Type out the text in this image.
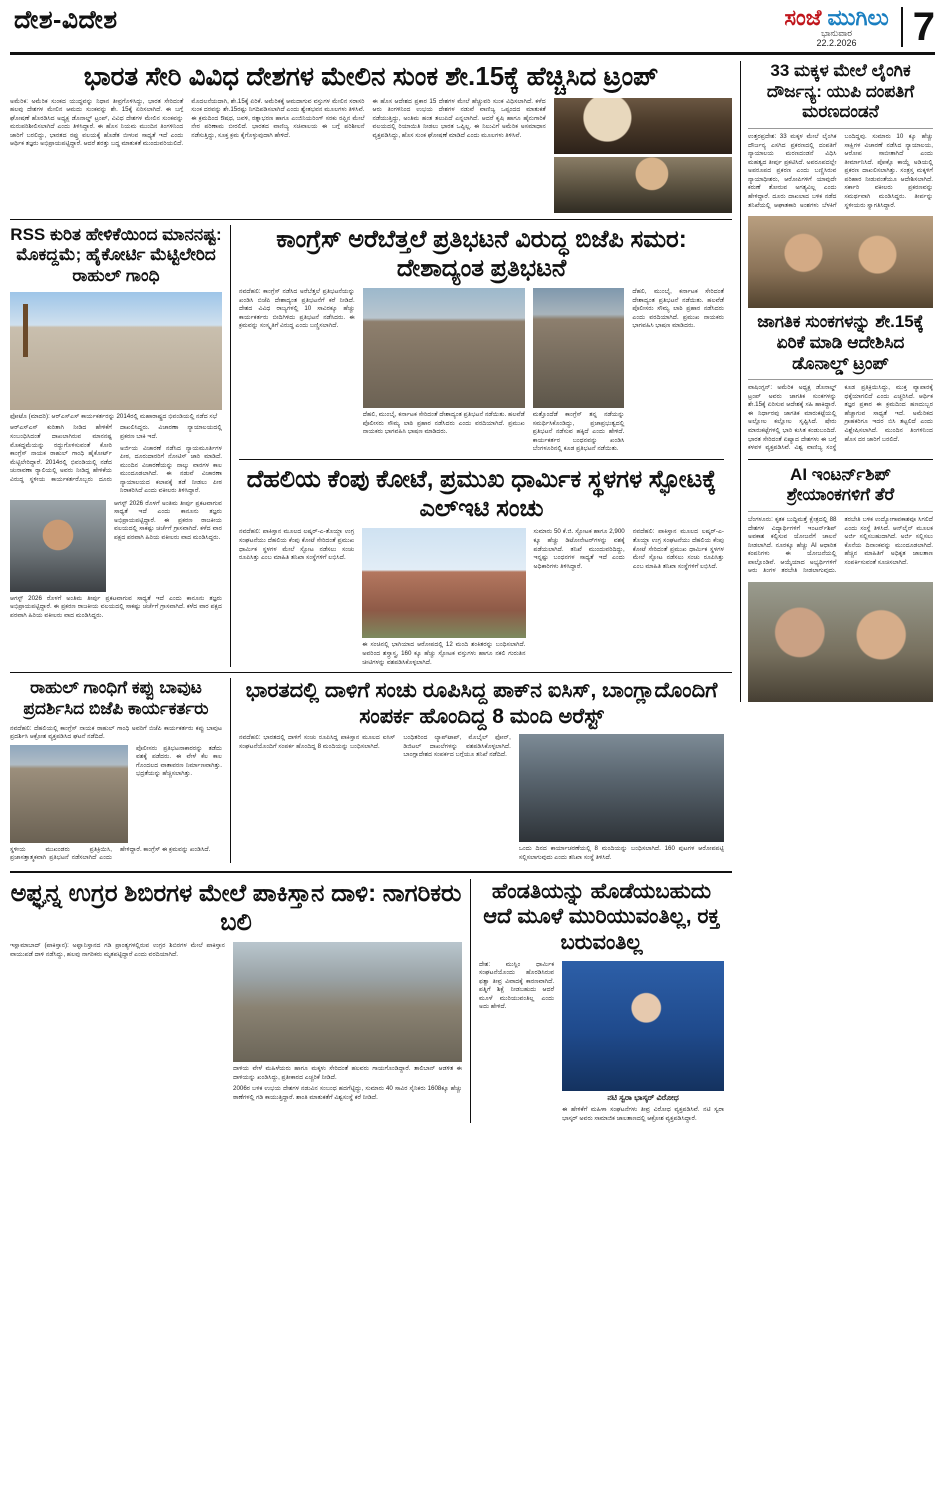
ದೇಶ-ವಿದೇಶ	ಸಂಜೆ ಮುಗಿಲು
ಭಾನುವಾರ
22.2.2026	7
ಭಾರತ ಸೇರಿ ವಿವಿಧ ದೇಶಗಳ ಮೇಲಿನ ಸುಂಕ ಶೇ.15ಕ್ಕೆ ಹೆಚ್ಚಿಸಿದ ಟ್ರಂಪ್
ಅಮೆರಿಕ: ಅಮೆರಿಕ ಸುಂಕದ ಯುದ್ಧವನ್ನು ನಿಧಾನ ತೀವ್ರಗೊಳಿಸಿದ್ದು, ಭಾರತ ಸೇರಿದಂತೆ ಹಲವು ದೇಶಗಳ ಮೇಲಿನ ಆಮದು ಸುಂಕವನ್ನು ಶೇ. 15ಕ್ಕೆ ಏರಿಸಲಾಗಿದೆ. ಈ ಬಗ್ಗೆ ಘೋಷಣೆ ಹೊರಡಿಸಿದ ಅಧ್ಯಕ್ಷ ಡೊನಾಲ್ಡ್ ಟ್ರಂಪ್, ವಿವಿಧ ದೇಶಗಳ ಮೇಲಿನ ಸುಂಕವನ್ನು ಮರುಪರಿಶೀಲಿಸಲಾಗಿದೆ ಎಂದು ತಿಳಿಸಿದ್ದಾರೆ. ಈ ಹೊಸ ನಿಯಮ ಮುಂದಿನ ತಿಂಗಳಿನಿಂದ ಜಾರಿಗೆ ಬರಲಿದ್ದು, ಭಾರತದ ರಫ್ತು ವಲಯಕ್ಕೆ ಹೊಡೆತ ಬೀಳುವ ಸಾಧ್ಯತೆ ಇದೆ ಎಂದು ಆರ್ಥಿಕ ತಜ್ಞರು ಅಭಿಪ್ರಾಯಪಟ್ಟಿದ್ದಾರೆ. ಆದರೆ ಶರತ್ತು ಬದ್ಧ ಮಾತುಕತೆ ಮುಂದುವರಿಯಲಿದೆ.
ಮೊದಲನೆಯದಾಗಿ, ಶೇ.15ಕ್ಕೆ ಏರಿಕೆ. ಅಮೆರಿಕಕ್ಕೆ ಆಮದಾಗುವ ವಸ್ತುಗಳ ಮೇಲಿನ ಸರಾಸರಿ ಸುಂಕ ದರವನ್ನು ಶೇ.15ರಷ್ಟು ನಿಗದಿಪಡಿಸಲಾಗಿದೆ ಎಂದು ಶ್ವೇತಭವನ ಮೂಲಗಳು ತಿಳಿಸಿವೆ. ಈ ಕ್ರಮದಿಂದ ಔಷಧ, ಜವಳಿ, ರತ್ನಾಭರಣ ಹಾಗೂ ಎಂಜಿನಿಯರಿಂಗ್ ಸರಕು ರಫ್ತಿನ ಮೇಲೆ ನೇರ ಪರಿಣಾಮ ಬೀರಲಿದೆ. ಭಾರತದ ವಾಣಿಜ್ಯ ಸಚಿವಾಲಯ ಈ ಬಗ್ಗೆ ಪರಿಶೀಲನೆ ನಡೆಸುತ್ತಿದ್ದು, ಸೂಕ್ತ ಕ್ರಮ ಕೈಗೊಳ್ಳುವುದಾಗಿ ಹೇಳಿದೆ.
ಈ ಹೊಸ ಆದೇಶದ ಪ್ರಕಾರ 15 ದೇಶಗಳ ಮೇಲೆ ಹೆಚ್ಚುವರಿ ಸುಂಕ ವಿಧಿಸಲಾಗಿದೆ. ಕಳೆದ ಆರು ತಿಂಗಳಿನಿಂದ ಉಭಯ ದೇಶಗಳ ನಡುವೆ ವಾಣಿಜ್ಯ ಒಪ್ಪಂದದ ಮಾತುಕತೆ ನಡೆಯುತ್ತಿದ್ದು, ಅಂತಿಮ ಹಂತ ತಲುಪಿದೆ ಎನ್ನಲಾಗಿದೆ. ಆದರೆ ಕೃಷಿ ಹಾಗೂ ಹೈನುಗಾರಿಕೆ ವಲಯದಲ್ಲಿ ರಿಯಾಯಿತಿ ನೀಡಲು ಭಾರತ ಒಪ್ಪಿಲ್ಲ. ಈ ನಿಲುವಿಗೆ ಅಮೆರಿಕ ಅಸಮಾಧಾನ ವ್ಯಕ್ತಪಡಿಸಿದ್ದು, ಹೊಸ ಸುಂಕ ಘೋಷಣೆ ಮಾಡಿದೆ ಎಂದು ಮೂಲಗಳು ತಿಳಿಸಿವೆ.
RSS ಕುರಿತ ಹೇಳಿಕೆಯಿಂದ ಮಾನನಷ್ಟ: ಮೊಕದ್ದಮೆ; ಹೈಕೋರ್ಟಿ ಮೆಟ್ಟಿಲೇರಿದ ರಾಹುಲ್ ಗಾಂಧಿ
ಫೋಟೊ (ಮಾದರಿ): ಆರ್‌ಎಸ್‌ಎಸ್ ಕಾರ್ಯಕರ್ತರನ್ನು 2014ರಲ್ಲಿ ಮಹಾರಾಷ್ಟ್ರದ ಭಿವಂಡಿಯಲ್ಲಿ ನಡೆದ ಸಭೆ
ಆರ್‌ಎಸ್‌ಎಸ್ ಕುರಿತಾಗಿ ನೀಡಿದ ಹೇಳಿಕೆಗೆ ಸಂಬಂಧಿಸಿದಂತೆ ದಾಖಲಾಗಿರುವ ಮಾನನಷ್ಟ ಮೊಕದ್ದಮೆಯನ್ನು ರದ್ದುಗೊಳಿಸುವಂತೆ ಕೋರಿ ಕಾಂಗ್ರೆಸ್ ನಾಯಕ ರಾಹುಲ್ ಗಾಂಧಿ ಹೈಕೋರ್ಟ್ ಮೆಟ್ಟಿಲೇರಿದ್ದಾರೆ. 2014ರಲ್ಲಿ ಭಿವಂಡಿಯಲ್ಲಿ ನಡೆದ ಚುನಾವಣಾ ರ‍್ಯಾಲಿಯಲ್ಲಿ ಅವರು ನೀಡಿದ್ದ ಹೇಳಿಕೆಯ ವಿರುದ್ಧ ಸ್ಥಳೀಯ ಕಾರ್ಯಕರ್ತರೊಬ್ಬರು ದೂರು ದಾಖಲಿಸಿದ್ದರು. ವಿಚಾರಣಾ ನ್ಯಾಯಾಲಯದಲ್ಲಿ ಪ್ರಕರಣ ಬಾಕಿ ಇದೆ.
ಅರ್ಜಿಯ ವಿಚಾರಣೆ ನಡೆಸಿದ ನ್ಯಾಯಮೂರ್ತಿಗಳ ಪೀಠ, ದೂರುದಾರರಿಗೆ ನೋಟಿಸ್ ಜಾರಿ ಮಾಡಿದೆ. ಮುಂದಿನ ವಿಚಾರಣೆಯನ್ನು ನಾಲ್ಕು ವಾರಗಳ ಕಾಲ ಮುಂದೂಡಲಾಗಿದೆ. ಈ ನಡುವೆ ವಿಚಾರಣಾ ನ್ಯಾಯಾಲಯದ ಕಲಾಪಕ್ಕೆ ತಡೆ ನೀಡಲು ಪೀಠ ನಿರಾಕರಿಸಿದೆ ಎಂದು ವಕೀಲರು ತಿಳಿಸಿದ್ದಾರೆ.
ಆಗಸ್ಟ್ 2026 ರೊಳಗೆ ಅಂತಿಮ ತೀರ್ಪು ಪ್ರಕಟವಾಗುವ ಸಾಧ್ಯತೆ ಇದೆ ಎಂದು ಕಾನೂನು ತಜ್ಞರು ಅಭಿಪ್ರಾಯಪಟ್ಟಿದ್ದಾರೆ. ಈ ಪ್ರಕರಣ ರಾಜಕೀಯ ವಲಯದಲ್ಲಿ ಸಾಕಷ್ಟು ಚರ್ಚೆಗೆ ಗ್ರಾಸವಾಗಿದೆ. ಕಳೆದ ವಾರ ಪಕ್ಷದ ಪರವಾಗಿ ಹಿರಿಯ ವಕೀಲರು ವಾದ ಮಂಡಿಸಿದ್ದರು.
ಆಗಸ್ಟ್ 2026 ರೊಳಗೆ ಅಂತಿಮ ತೀರ್ಪು ಪ್ರಕಟವಾಗುವ ಸಾಧ್ಯತೆ ಇದೆ ಎಂದು ಕಾನೂನು ತಜ್ಞರು ಅಭಿಪ್ರಾಯಪಟ್ಟಿದ್ದಾರೆ. ಈ ಪ್ರಕರಣ ರಾಜಕೀಯ ವಲಯದಲ್ಲಿ ಸಾಕಷ್ಟು ಚರ್ಚೆಗೆ ಗ್ರಾಸವಾಗಿದೆ. ಕಳೆದ ವಾರ ಪಕ್ಷದ ಪರವಾಗಿ ಹಿರಿಯ ವಕೀಲರು ವಾದ ಮಂಡಿಸಿದ್ದರು.
ಕಾಂಗ್ರೆಸ್ ಅರೆಬೆತ್ತಲೆ ಪ್ರತಿಭಟನೆ ವಿರುದ್ಧ ಬಿಜೆಪಿ ಸಮರ: ದೇಶಾದ್ಯಂತ ಪ್ರತಿಭಟನೆ
ನವದೆಹಲಿ: ಕಾಂಗ್ರೆಸ್ ನಡೆಸಿದ ಅರೆಬೆತ್ತಲೆ ಪ್ರತಿಭಟನೆಯನ್ನು ಖಂಡಿಸಿ ಬಿಜೆಪಿ ದೇಶಾದ್ಯಂತ ಪ್ರತಿಭಟನೆಗೆ ಕರೆ ನೀಡಿದೆ. ದೇಶದ ವಿವಿಧ ರಾಜ್ಯಗಳಲ್ಲಿ 10 ಸಾವಿರಕ್ಕೂ ಹೆಚ್ಚು ಕಾರ್ಯಕರ್ತರು ಬೀದಿಗಿಳಿದು ಪ್ರತಿಭಟನೆ ನಡೆಸಿದರು. ಈ ಕ್ರಮವನ್ನು ಸಂಸ್ಕೃತಿಗೆ ವಿರುದ್ಧ ಎಂದು ಬಣ್ಣಿಸಲಾಗಿದೆ.
ದೆಹಲಿ, ಮುಂಬೈ, ಕರ್ನಾಟಕ ಸೇರಿದಂತೆ ದೇಶಾದ್ಯಂತ ಪ್ರತಿಭಟನೆ ನಡೆಯಿತು. ಹಲವೆಡೆ ಪೊಲೀಸರು ಸೌಮ್ಯ ಲಾಠಿ ಪ್ರಹಾರ ನಡೆಸಿದರು ಎಂದು ವರದಿಯಾಗಿದೆ. ಪ್ರಮುಖ ನಾಯಕರು ಭಾಗವಹಿಸಿ ಭಾಷಣ ಮಾಡಿದರು.
ಮತ್ತೊಂದೆಡೆ ಕಾಂಗ್ರೆಸ್ ತನ್ನ ನಡೆಯನ್ನು ಸಮರ್ಥಿಸಿಕೊಂಡಿದ್ದು, ಪ್ರಜಾಪ್ರಭುತ್ವದಲ್ಲಿ ಪ್ರತಿಭಟನೆ ನಡೆಸುವ ಹಕ್ಕಿದೆ ಎಂದು ಹೇಳಿದೆ. ಕಾರ್ಯಕರ್ತರ ಬಂಧನವನ್ನು ಖಂಡಿಸಿ ಬೆಂಗಳೂರಿನಲ್ಲಿ ಕೂಡ ಪ್ರತಿಭಟನೆ ನಡೆಯಿತು.
ದೆಹಲಿ, ಮುಂಬೈ, ಕರ್ನಾಟಕ ಸೇರಿದಂತೆ ದೇಶಾದ್ಯಂತ ಪ್ರತಿಭಟನೆ ನಡೆಯಿತು. ಹಲವೆಡೆ ಪೊಲೀಸರು ಸೌಮ್ಯ ಲಾಠಿ ಪ್ರಹಾರ ನಡೆಸಿದರು ಎಂದು ವರದಿಯಾಗಿದೆ. ಪ್ರಮುಖ ನಾಯಕರು ಭಾಗವಹಿಸಿ ಭಾಷಣ ಮಾಡಿದರು.
ದೆಹಲಿಯ ಕೆಂಪು ಕೋಟೆ, ಪ್ರಮುಖ ಧಾರ್ಮಿಕ ಸ್ಥಳಗಳ ಸ್ಫೋಟಕ್ಕೆ ಎಲ್‌ಇಟಿ ಸಂಚು
ನವದೆಹಲಿ: ಪಾಕಿಸ್ತಾನ ಮೂಲದ ಲಷ್ಕರ್-ಎ-ತೊಯ್ಬಾ ಉಗ್ರ ಸಂಘಟನೆಯು ದೆಹಲಿಯ ಕೆಂಪು ಕೋಟೆ ಸೇರಿದಂತೆ ಪ್ರಮುಖ ಧಾರ್ಮಿಕ ಸ್ಥಳಗಳ ಮೇಲೆ ಸ್ಫೋಟ ನಡೆಸಲು ಸಂಚು ರೂಪಿಸಿತ್ತು ಎಂಬ ಮಾಹಿತಿ ತನಿಖಾ ಸಂಸ್ಥೆಗಳಿಗೆ ಲಭಿಸಿದೆ.
ಈ ಸಂಚಿನಲ್ಲಿ ಭಾಗಿಯಾದ ಆರೋಪದಲ್ಲಿ 12 ಮಂದಿ ಶಂಕಿತರನ್ನು ಬಂಧಿಸಲಾಗಿದೆ. ಅವರಿಂದ ಶಸ್ತ್ರಾಸ್ತ್ರ, 160 ಕ್ಕೂ ಹೆಚ್ಚು ಸ್ಫೋಟಕ ವಸ್ತುಗಳು ಹಾಗೂ ನಕಲಿ ಗುರುತಿನ ಚೀಟಿಗಳನ್ನು ವಶಪಡಿಸಿಕೊಳ್ಳಲಾಗಿದೆ.
ಸುಮಾರು 50 ಕೆ.ಜಿ. ಸ್ಫೋಟಕ ಹಾಗೂ 2,900 ಕ್ಕೂ ಹೆಚ್ಚು ಡಿಟೋನೇಟರ್‌ಗಳನ್ನು ವಶಕ್ಕೆ ಪಡೆಯಲಾಗಿದೆ. ತನಿಖೆ ಮುಂದುವರಿದಿದ್ದು, ಇನ್ನಷ್ಟು ಬಂಧನಗಳ ಸಾಧ್ಯತೆ ಇದೆ ಎಂದು ಅಧಿಕಾರಿಗಳು ತಿಳಿಸಿದ್ದಾರೆ.
ನವದೆಹಲಿ: ಪಾಕಿಸ್ತಾನ ಮೂಲದ ಲಷ್ಕರ್-ಎ-ತೊಯ್ಬಾ ಉಗ್ರ ಸಂಘಟನೆಯು ದೆಹಲಿಯ ಕೆಂಪು ಕೋಟೆ ಸೇರಿದಂತೆ ಪ್ರಮುಖ ಧಾರ್ಮಿಕ ಸ್ಥಳಗಳ ಮೇಲೆ ಸ್ಫೋಟ ನಡೆಸಲು ಸಂಚು ರೂಪಿಸಿತ್ತು ಎಂಬ ಮಾಹಿತಿ ತನಿಖಾ ಸಂಸ್ಥೆಗಳಿಗೆ ಲಭಿಸಿದೆ.
ರಾಹುಲ್ ಗಾಂಧಿಗೆ ಕಪ್ಪು ಬಾವುಟ ಪ್ರದರ್ಶಿಸಿದ ಬಿಜೆಪಿ ಕಾರ್ಯಕರ್ತರು
ನವದೆಹಲಿ: ದೆಹಲಿಯಲ್ಲಿ ಕಾಂಗ್ರೆಸ್ ನಾಯಕ ರಾಹುಲ್ ಗಾಂಧಿ ಅವರಿಗೆ ಬಿಜೆಪಿ ಕಾರ್ಯಕರ್ತರು ಕಪ್ಪು ಬಾವುಟ ಪ್ರದರ್ಶಿಸಿ ಆಕ್ರೋಶ ವ್ಯಕ್ತಪಡಿಸಿದ ಘಟನೆ ನಡೆದಿದೆ.
ಪೊಲೀಸರು ಪ್ರತಿಭಟನಾಕಾರರನ್ನು ತಡೆದು ವಶಕ್ಕೆ ಪಡೆದರು. ಈ ವೇಳೆ ಕೆಲ ಕಾಲ ಗೊಂದಲದ ವಾತಾವರಣ ನಿರ್ಮಾಣವಾಗಿತ್ತು. ಭದ್ರತೆಯನ್ನು ಹೆಚ್ಚಿಸಲಾಗಿತ್ತು.
ಸ್ಥಳೀಯ ಮುಖಂಡರು ಪ್ರತಿಕ್ರಿಯಿಸಿ, ಪ್ರಜಾಸತ್ತಾತ್ಮಕವಾಗಿ ಪ್ರತಿಭಟನೆ ನಡೆಸಲಾಗಿದೆ ಎಂದು ಹೇಳಿದ್ದಾರೆ. ಕಾಂಗ್ರೆಸ್ ಈ ಕ್ರಮವನ್ನು ಖಂಡಿಸಿದೆ.
ಭಾರತದಲ್ಲಿ ದಾಳಿಗೆ ಸಂಚು ರೂಪಿಸಿದ್ದ ಪಾಕ್‌ನ ಐಸಿಸ್, ಬಾಂಗ್ಲಾದೊಂದಿಗೆ ಸಂಪರ್ಕ ಹೊಂದಿದ್ದ 8 ಮಂದಿ ಅರೆಸ್ಟ್
ನವದೆಹಲಿ: ಭಾರತದಲ್ಲಿ ದಾಳಿಗೆ ಸಂಚು ರೂಪಿಸಿದ್ದ ಪಾಕಿಸ್ತಾನ ಮೂಲದ ಐಸಿಸ್ ಸಂಘಟನೆಯೊಂದಿಗೆ ಸಂಪರ್ಕ ಹೊಂದಿದ್ದ 8 ಮಂದಿಯನ್ನು ಬಂಧಿಸಲಾಗಿದೆ.
ಬಂಧಿತರಿಂದ ಲ್ಯಾಪ್‌ಟಾಪ್, ಮೊಬೈಲ್ ಫೋನ್, ಡಿಜಿಟಲ್ ದಾಖಲೆಗಳನ್ನು ವಶಪಡಿಸಿಕೊಳ್ಳಲಾಗಿದೆ. ಬಾಂಗ್ಲಾದೇಶದ ಸಂಪರ್ಕದ ಬಗ್ಗೆಯೂ ತನಿಖೆ ನಡೆದಿದೆ.
ಒಂದು ದಿನದ ಕಾರ್ಯಾಚರಣೆಯಲ್ಲಿ 8 ಮಂದಿಯನ್ನು ಬಂಧಿಸಲಾಗಿದೆ. 160 ಪುಟಗಳ ಆರೋಪಪಟ್ಟಿ ಸಲ್ಲಿಸಲಾಗುವುದು ಎಂದು ತನಿಖಾ ಸಂಸ್ಥೆ ತಿಳಿಸಿದೆ.
ಅಫ್ಘನ್ನ ಉಗ್ರರ ಶಿಬಿರಗಳ ಮೇಲೆ ಪಾಕಿಸ್ತಾನ ದಾಳಿ: ನಾಗರಿಕರು ಬಲಿ
ಇಸ್ಲಾಮಾಬಾದ್ (ಪಾಕಿಸ್ತಾನ): ಅಫ್ಘಾನಿಸ್ತಾನದ ಗಡಿ ಪ್ರಾಂತ್ಯಗಳಲ್ಲಿರುವ ಉಗ್ರರ ಶಿಬಿರಗಳ ಮೇಲೆ ಪಾಕಿಸ್ತಾನ ವಾಯುಪಡೆ ದಾಳಿ ನಡೆಸಿದ್ದು, ಹಲವು ನಾಗರಿಕರು ಮೃತಪಟ್ಟಿದ್ದಾರೆ ಎಂದು ವರದಿಯಾಗಿದೆ.
ದಾಳಿಯ ವೇಳೆ ಮಹಿಳೆಯರು ಹಾಗೂ ಮಕ್ಕಳು ಸೇರಿದಂತೆ ಹಲವರು ಗಾಯಗೊಂಡಿದ್ದಾರೆ. ತಾಲಿಬಾನ್ ಆಡಳಿತ ಈ ದಾಳಿಯನ್ನು ಖಂಡಿಸಿದ್ದು, ಪ್ರತೀಕಾರದ ಎಚ್ಚರಿಕೆ ನೀಡಿದೆ.
2006ರ ಬಳಿಕ ಉಭಯ ದೇಶಗಳ ನಡುವಿನ ಸಂಬಂಧ ಹದಗೆಟ್ಟಿದ್ದು, ಸುಮಾರು 40 ಸಾವಿರ ಸೈನಿಕರು 1608ಕ್ಕೂ ಹೆಚ್ಚು ಠಾಣೆಗಳಲ್ಲಿ ಗಡಿ ಕಾಯುತ್ತಿದ್ದಾರೆ. ಶಾಂತಿ ಮಾತುಕತೆಗೆ ವಿಶ್ವಸಂಸ್ಥೆ ಕರೆ ನೀಡಿದೆ.
ಹೆಂಡತಿಯನ್ನು ಹೊಡೆಯಬಹುದು ಆದೆ ಮೂಳೆ ಮುರಿಯುವಂತಿಲ್ಲ, ರಕ್ತ ಬರುವಂತಿಲ್ಲ
ದೇಶ: ಮುಸ್ಲಿಂ ಧಾರ್ಮಿಕ ಸಂಘಟನೆಯೊಂದು ಹೊರಡಿಸಿರುವ ಫತ್ವಾ ತೀವ್ರ ವಿವಾದಕ್ಕೆ ಕಾರಣವಾಗಿದೆ. ಪತ್ನಿಗೆ ಶಿಕ್ಷೆ ನೀಡಬಹುದು ಆದರೆ ಮೂಳೆ ಮುರಿಯುವಂತಿಲ್ಲ ಎಂದು ಅದು ಹೇಳಿದೆ.
ನಟಿ ಸ್ವರಾ ಭಾಸ್ಕರ್ ವಿರೋಧ
ಈ ಹೇಳಿಕೆಗೆ ಮಹಿಳಾ ಸಂಘಟನೆಗಳು ತೀವ್ರ ವಿರೋಧ ವ್ಯಕ್ತಪಡಿಸಿವೆ. ನಟಿ ಸ್ವರಾ ಭಾಸ್ಕರ್ ಅವರು ಸಾಮಾಜಿಕ ಜಾಲತಾಣದಲ್ಲಿ ಆಕ್ರೋಶ ವ್ಯಕ್ತಪಡಿಸಿದ್ದಾರೆ.
33 ಮಕ್ಕಳ ಮೇಲೆ ಲೈಂಗಿಕ ದೌರ್ಜನ್ಯ: ಯುಪಿ ದಂಪತಿಗೆ ಮರಣದಂಡನೆ
ಉತ್ತರಪ್ರದೇಶ: 33 ಮಕ್ಕಳ ಮೇಲೆ ಲೈಂಗಿಕ ದೌರ್ಜನ್ಯ ಎಸಗಿದ ಪ್ರಕರಣದಲ್ಲಿ ದಂಪತಿಗೆ ನ್ಯಾಯಾಲಯ ಮರಣದಂಡನೆ ವಿಧಿಸಿ ಮಹತ್ವದ ತೀರ್ಪು ಪ್ರಕಟಿಸಿದೆ. ಅಪರೂಪದಲ್ಲೇ ಅಪರೂಪದ ಪ್ರಕರಣ ಎಂದು ಬಣ್ಣಿಸಿರುವ ನ್ಯಾಯಾಧೀಶರು, ಆರೋಪಿಗಳಿಗೆ ಯಾವುದೇ ಕರುಣೆ ತೋರುವ ಅಗತ್ಯವಿಲ್ಲ ಎಂದು ಹೇಳಿದ್ದಾರೆ. ದೂರು ದಾಖಲಾದ ಬಳಿಕ ನಡೆದ ತನಿಖೆಯಲ್ಲಿ ಆಘಾತಕಾರಿ ಅಂಶಗಳು ಬೆಳಕಿಗೆ ಬಂದಿದ್ದವು. ಸುಮಾರು 10 ಕ್ಕೂ ಹೆಚ್ಚು ಸಾಕ್ಷಿಗಳ ವಿಚಾರಣೆ ನಡೆಸಿದ ನ್ಯಾಯಾಲಯ, ಆರೋಪ ಸಾಬೀತಾಗಿದೆ ಎಂದು ತೀರ್ಮಾನಿಸಿದೆ. ಪೋಕ್ಸೊ ಕಾಯ್ದೆ ಅಡಿಯಲ್ಲಿ ಪ್ರಕರಣ ದಾಖಲಿಸಲಾಗಿತ್ತು. ಸಂತ್ರಸ್ತ ಮಕ್ಕಳಿಗೆ ಪರಿಹಾರ ನೀಡುವಂತೆಯೂ ಆದೇಶಿಸಲಾಗಿದೆ. ಸರ್ಕಾರಿ ವಕೀಲರು ಪ್ರಕರಣವನ್ನು ಸಮರ್ಥವಾಗಿ ಮಂಡಿಸಿದ್ದರು. ತೀರ್ಪನ್ನು ಸ್ಥಳೀಯರು ಸ್ವಾಗತಿಸಿದ್ದಾರೆ.
ಜಾಗತಿಕ ಸುಂಕಗಳನ್ನು ಶೇ.15ಕ್ಕೆ ಏರಿಕೆ ಮಾಡಿ ಆದೇಶಿಸಿದ ಡೊನಾಲ್ಡ್ ಟ್ರಂಪ್
ವಾಷಿಂಗ್ಟನ್: ಅಮೆರಿಕ ಅಧ್ಯಕ್ಷ ಡೊನಾಲ್ಡ್ ಟ್ರಂಪ್ ಅವರು ಜಾಗತಿಕ ಸುಂಕಗಳನ್ನು ಶೇ.15ಕ್ಕೆ ಏರಿಸುವ ಆದೇಶಕ್ಕೆ ಸಹಿ ಹಾಕಿದ್ದಾರೆ. ಈ ನಿರ್ಧಾರವು ಜಾಗತಿಕ ಮಾರುಕಟ್ಟೆಯಲ್ಲಿ ಅಲ್ಲೋಲ ಕಲ್ಲೋಲ ಸೃಷ್ಟಿಸಿದೆ. ಷೇರು ಮಾರುಕಟ್ಟೆಗಳಲ್ಲಿ ಭಾರಿ ಕುಸಿತ ಕಂಡುಬಂದಿದೆ. ಭಾರತ ಸೇರಿದಂತೆ ಏಷ್ಯಾದ ದೇಶಗಳು ಈ ಬಗ್ಗೆ ಕಳವಳ ವ್ಯಕ್ತಪಡಿಸಿವೆ. ವಿಶ್ವ ವಾಣಿಜ್ಯ ಸಂಸ್ಥೆ ಕೂಡ ಪ್ರತಿಕ್ರಿಯಿಸಿದ್ದು, ಮುಕ್ತ ವ್ಯಾಪಾರಕ್ಕೆ ಧಕ್ಕೆಯಾಗಲಿದೆ ಎಂದು ಎಚ್ಚರಿಸಿದೆ. ಆರ್ಥಿಕ ತಜ್ಞರ ಪ್ರಕಾರ ಈ ಕ್ರಮದಿಂದ ಹಣದುಬ್ಬರ ಹೆಚ್ಚಾಗುವ ಸಾಧ್ಯತೆ ಇದೆ. ಅಮೆರಿಕದ ಗ್ರಾಹಕರಿಗೂ ಇದರ ಬಿಸಿ ತಟ್ಟಲಿದೆ ಎಂದು ವಿಶ್ಲೇಷಿಸಲಾಗಿದೆ. ಮುಂದಿನ ತಿಂಗಳಿನಿಂದ ಹೊಸ ದರ ಜಾರಿಗೆ ಬರಲಿದೆ.
AI ಇಂಟರ್ನ್‌ಶಿಪ್ ಶ್ರೇಯಾಂಕಗಳಿಗೆ ತೆರೆ
ಬೆಂಗಳೂರು: ಕೃತಕ ಬುದ್ಧಿಮತ್ತೆ ಕ್ಷೇತ್ರದಲ್ಲಿ 88 ದೇಶಗಳ ವಿದ್ಯಾರ್ಥಿಗಳಿಗೆ ಇಂಟರ್ನ್‌ಶಿಪ್ ಅವಕಾಶ ಕಲ್ಪಿಸುವ ಯೋಜನೆಗೆ ಚಾಲನೆ ನೀಡಲಾಗಿದೆ. ನೂರಕ್ಕೂ ಹೆಚ್ಚು AI ಆಧಾರಿತ ಕಂಪನಿಗಳು ಈ ಯೋಜನೆಯಲ್ಲಿ ಪಾಲ್ಗೊಂಡಿವೆ. ಆಯ್ಕೆಯಾದ ಅಭ್ಯರ್ಥಿಗಳಿಗೆ ಆರು ತಿಂಗಳ ತರಬೇತಿ ನೀಡಲಾಗುವುದು. ತರಬೇತಿ ಬಳಿಕ ಉದ್ಯೋಗಾವಕಾಶವೂ ಸಿಗಲಿದೆ ಎಂದು ಸಂಸ್ಥೆ ತಿಳಿಸಿದೆ. ಆನ್‌ಲೈನ್ ಮೂಲಕ ಅರ್ಜಿ ಸಲ್ಲಿಸಬಹುದಾಗಿದೆ. ಅರ್ಜಿ ಸಲ್ಲಿಸಲು ಕೊನೆಯ ದಿನಾಂಕವನ್ನು ಮುಂದೂಡಲಾಗಿದೆ. ಹೆಚ್ಚಿನ ಮಾಹಿತಿಗೆ ಅಧಿಕೃತ ಜಾಲತಾಣ ಸಂಪರ್ಕಿಸುವಂತೆ ಸೂಚಿಸಲಾಗಿದೆ.
